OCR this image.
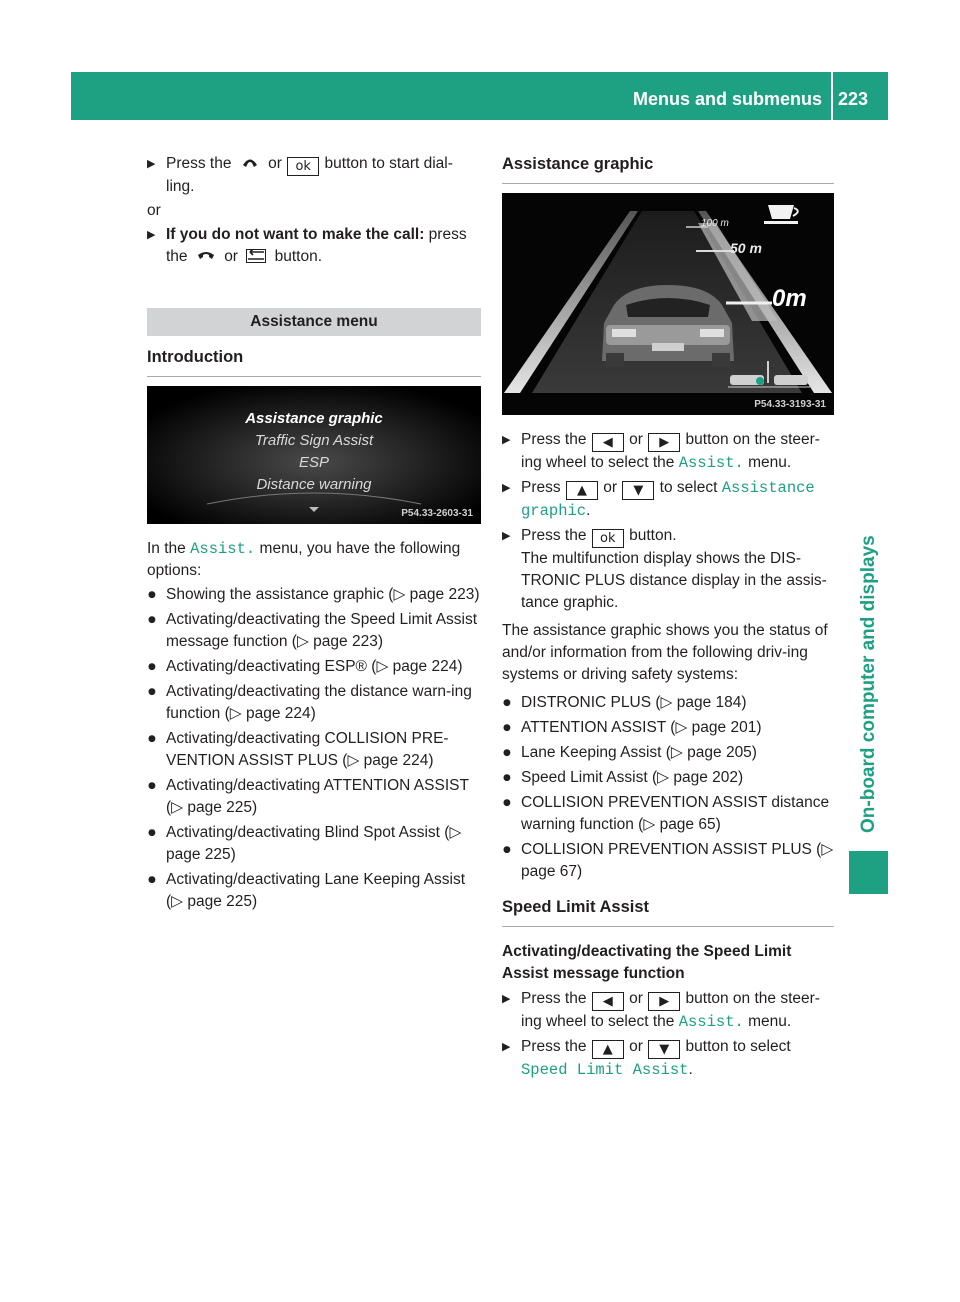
Menus and submenus 223
On-board computer and displays

▶ Press the or ok button to start dial-ling.

or

▶ If you do not want to make the call: press the or button.

Assistance menu
Introduction
Assistance graphic
Traffic Sign Assist
ESP
Distance warning
P54.33-2603-31

In the Assist. menu, you have the following options:

● Showing the assistance graphic (▷ page 223)

● Activating/deactivating the Speed Limit Assist message function (▷ page 223)

● Activating/deactivating ESP® (▷ page 224)

● Activating/deactivating the distance warn-ing function (▷ page 224)

● Activating/deactivating COLLISION PRE-VENTION ASSIST PLUS (▷ page 224)

● Activating/deactivating ATTENTION ASSIST (▷ page 225)

● Activating/deactivating Blind Spot Assist (▷ page 225)

● Activating/deactivating Lane Keeping Assist (▷ page 225)

Assistance graphic
100 m
50 m
0m
P54.33-3193-31

▶ Press the ◀ or ▶ button on the steer-ing wheel to select the Assist. menu.

▶ Press ▲ or ▼ to select Assistance graphic.

▶ Press the ok button.
The multifunction display shows the DIS-TRONIC PLUS distance display in the assis-tance graphic.

The assistance graphic shows you the status of and/or information from the following driv-ing systems or driving safety systems:

● DISTRONIC PLUS (▷ page 184)

● ATTENTION ASSIST (▷ page 201)

● Lane Keeping Assist (▷ page 205)

● Speed Limit Assist (▷ page 202)

● COLLISION PREVENTION ASSIST distance warning function (▷ page 65)

● COLLISION PREVENTION ASSIST PLUS (▷ page 67)

Speed Limit Assist

Activating/deactivating the Speed Limit Assist message function

▶ Press the ◀ or ▶ button on the steer-ing wheel to select the Assist. menu.

▶ Press the ▲ or ▼ button to select
Speed Limit Assist.
